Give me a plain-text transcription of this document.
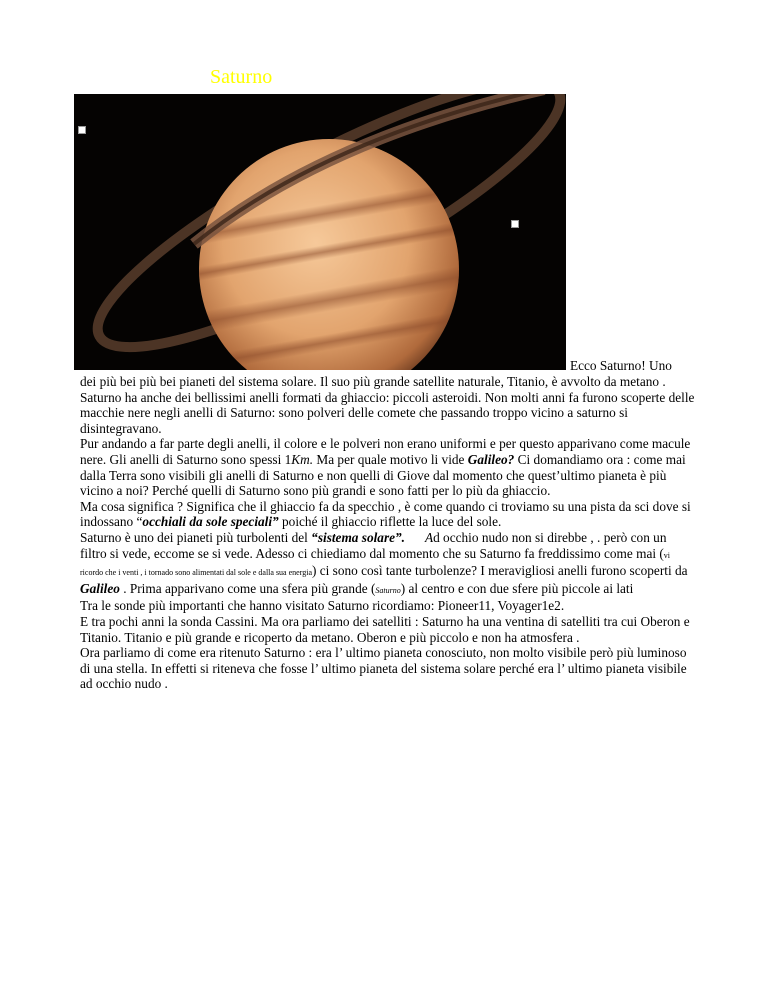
Saturno
Ecco Saturno! Uno

dei più bei più bei pianeti del sistema solare. Il suo più grande satellite naturale, Titanio, è avvolto da metano . Saturno ha anche dei bellissimi anelli formati da ghiaccio: piccoli asteroidi. Non molti anni fa furono scoperte delle macchie nere negli anelli di Saturno: sono polveri delle comete che passando troppo vicino a saturno si disintegravano.

Pur andando a far parte degli anelli, il colore e le polveri non erano uniformi e per questo apparivano come macule nere. Gli anelli di Saturno sono spessi 1Km. Ma per quale motivo li vide Galileo? Ci domandiamo ora : come mai dalla Terra sono visibili gli anelli di Saturno e non quelli di Giove dal momento che quest’ultimo pianeta è più vicino a noi? Perché quelli di Saturno sono più grandi e sono fatti per lo più da ghiaccio.

Ma cosa significa ? Significa che il ghiaccio fa da specchio , è come quando ci troviamo su una pista da sci dove si indossano “occhiali da sole speciali” poiché il ghiaccio riflette la luce del sole.

Saturno è uno dei pianeti più turbolenti del “sistema solare”. Ad occhio nudo non si direbbe , . però con un filtro si vede, eccome se si vede. Adesso ci chiediamo dal momento che su Saturno fa freddissimo come mai (vi ricordo che i venti , i tornado sono alimentati dal sole e dalla sua energia) ci sono così tante turbolenze? I meravigliosi anelli furono scoperti da Galileo . Prima apparivano come una sfera più grande (Saturno) al centro e con due sfere più piccole ai lati

Tra le sonde più importanti che hanno visitato Saturno ricordiamo: Pioneer11, Voyager1e2.

E tra pochi anni la sonda Cassini. Ma ora parliamo dei satelliti : Saturno ha una ventina di satelliti tra cui Oberon e Titanio. Titanio e più grande e ricoperto da metano. Oberon e più piccolo e non ha atmosfera .

Ora parliamo di come era ritenuto Saturno : era l’ ultimo pianeta conosciuto, non molto visibile però più luminoso di una stella. In effetti si riteneva che fosse l’ ultimo pianeta del sistema solare perché era l’ ultimo pianeta visibile ad occhio nudo .
